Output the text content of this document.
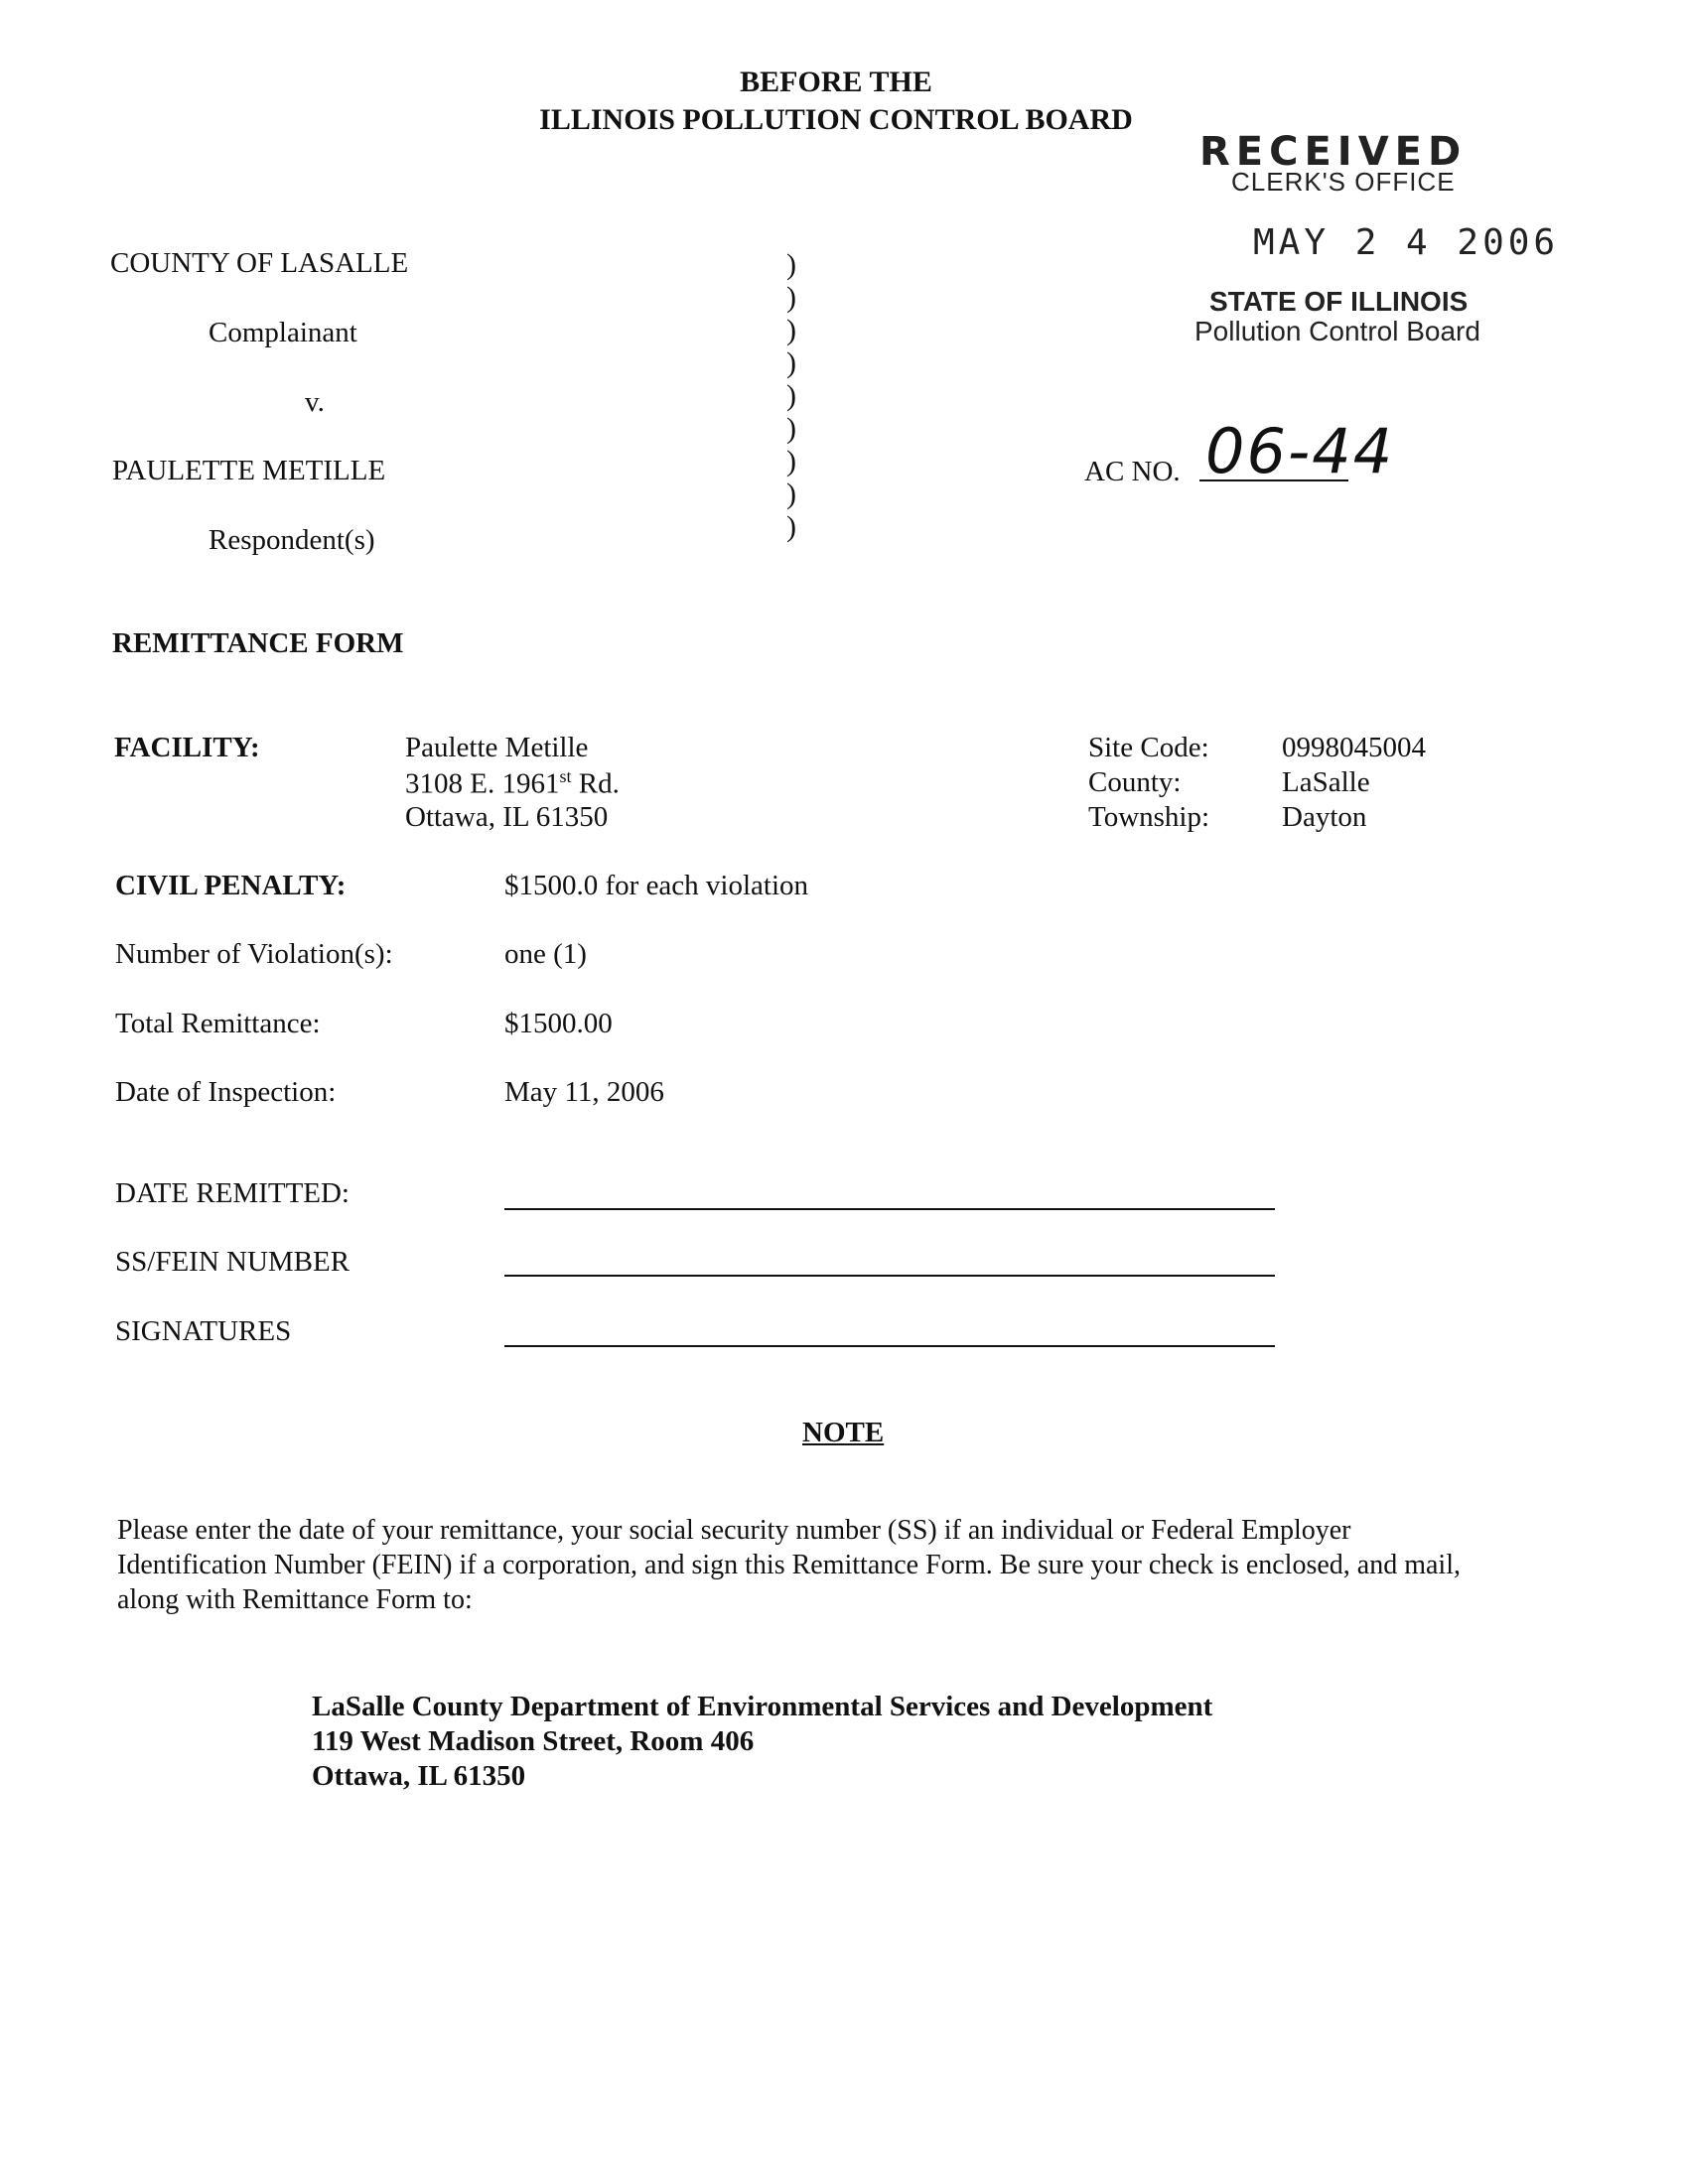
BEFORE THE
ILLINOIS POLLUTION CONTROL BOARD
RECEIVED
CLERK'S OFFICE
MAY 2 4 2006
STATE OF ILLINOIS
Pollution Control Board
COUNTY OF LASALLE
Complainant
v.
PAULETTE METILLE
Respondent(s)
)
)
)
)
)
)
)
)
)
AC NO. 06-44
REMITTANCE FORM
FACILITY:	Paulette Metille
3108 E. 1961st Rd.
Ottawa, IL 61350
Site Code:	0998045004
County:	LaSalle
Township:	Dayton
CIVIL PENALTY:	$1500.0 for each violation
Number of Violation(s):	one (1)
Total Remittance:	$1500.00
Date of Inspection:	May 11, 2006
DATE REMITTED:
SS/FEIN NUMBER
SIGNATURES
NOTE
Please enter the date of your remittance, your social security number (SS) if an individual or Federal Employer
Identification Number (FEIN) if a corporation, and sign this Remittance Form. Be sure your check is enclosed, and mail,
along with Remittance Form to:
LaSalle County Department of Environmental Services and Development
119 West Madison Street, Room 406
Ottawa, IL 61350
